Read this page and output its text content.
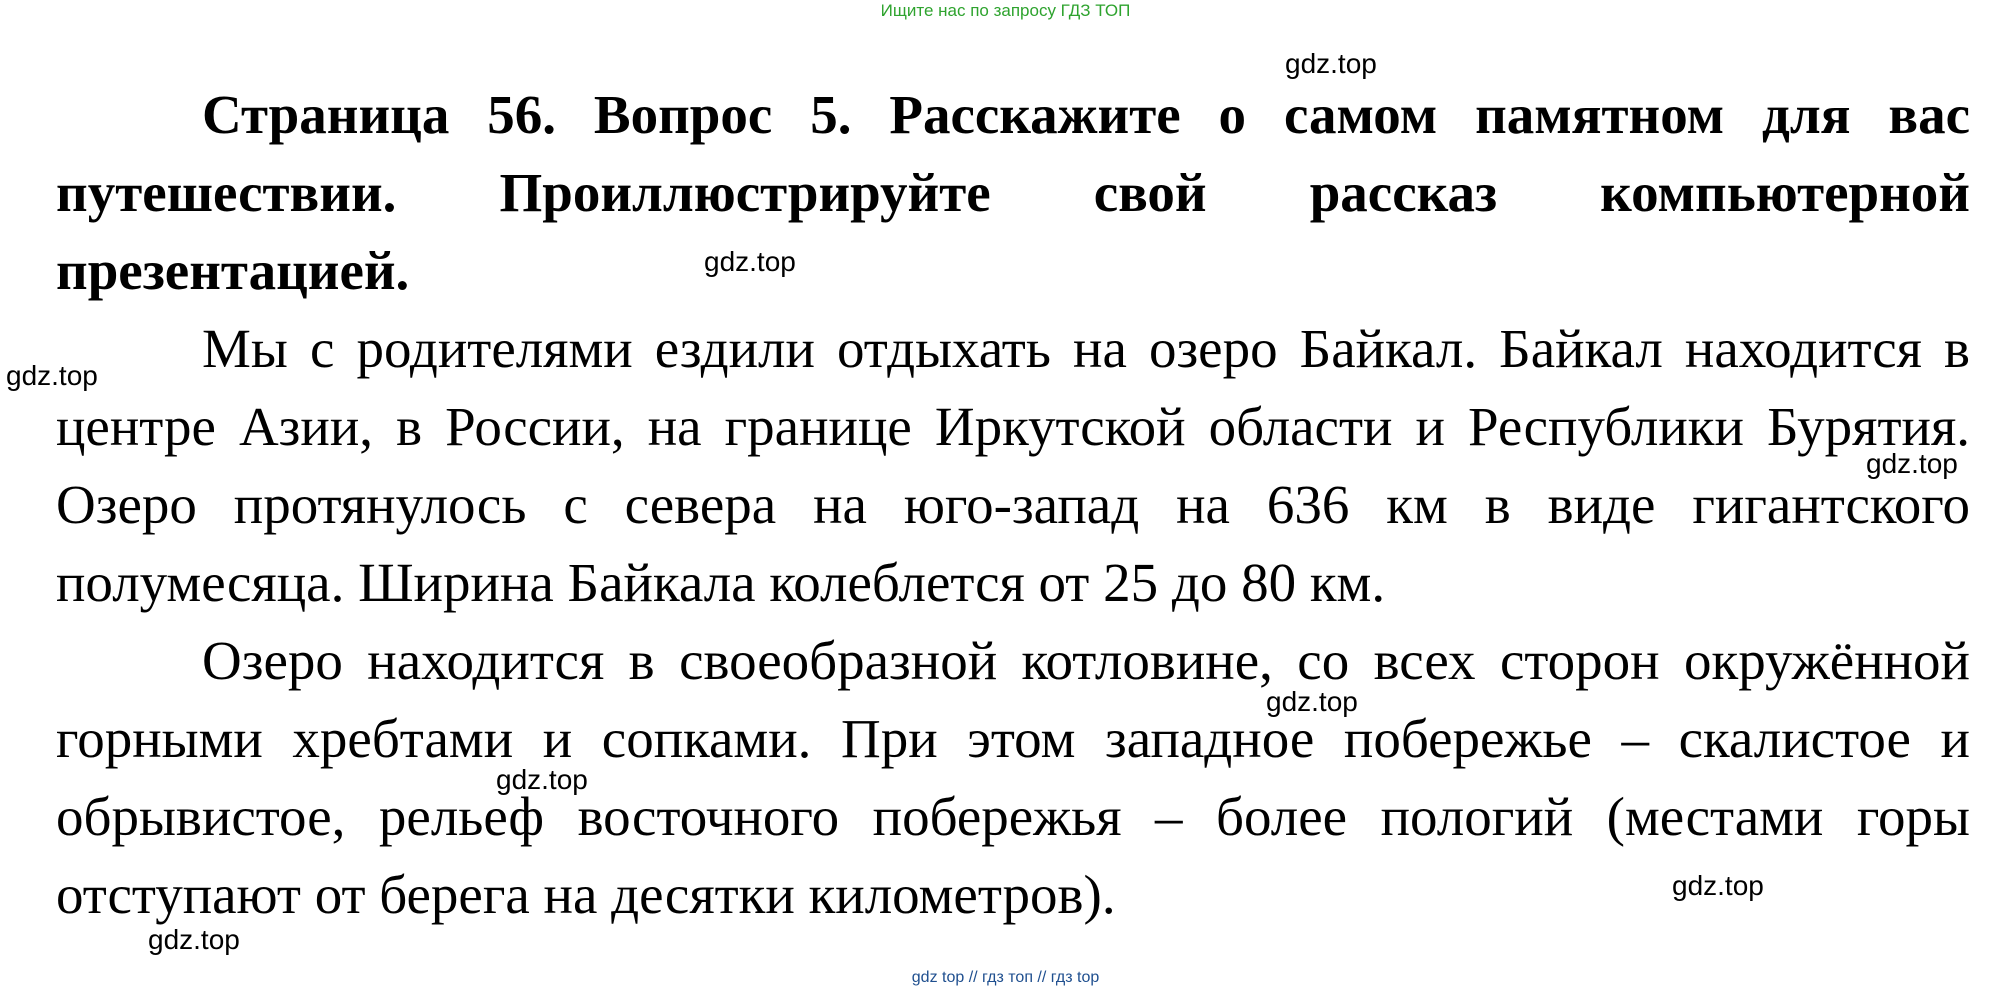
Ищите нас по запросу ГДЗ ТОП

Страница 56. Вопрос 5. Расскажите о самом памятном для вас путешествии. Проиллюстрируйте свой рассказ компьютерной презентацией.

Мы с родителями ездили отдыхать на озеро Байкал. Байкал находится в центре Азии, в России, на границе Иркутской области и Республики Бурятия. Озеро протянулось с севера на юго-запад на 636 км в виде гигантского полумесяца. Ширина Байкала колеблется от 25 до 80 км.

Озеро находится в своеобразной котловине, со всех сторон окружённой горными хребтами и сопками. При этом западное побережье – скалистое и обрывистое, рельеф восточного побережья – более пологий (местами горы отступают от берега на десятки километров).

gdz.top
gdz.top
gdz.top
gdz.top
gdz.top
gdz.top
gdz.top
gdz.top
gdz top // гдз топ // гдз top
